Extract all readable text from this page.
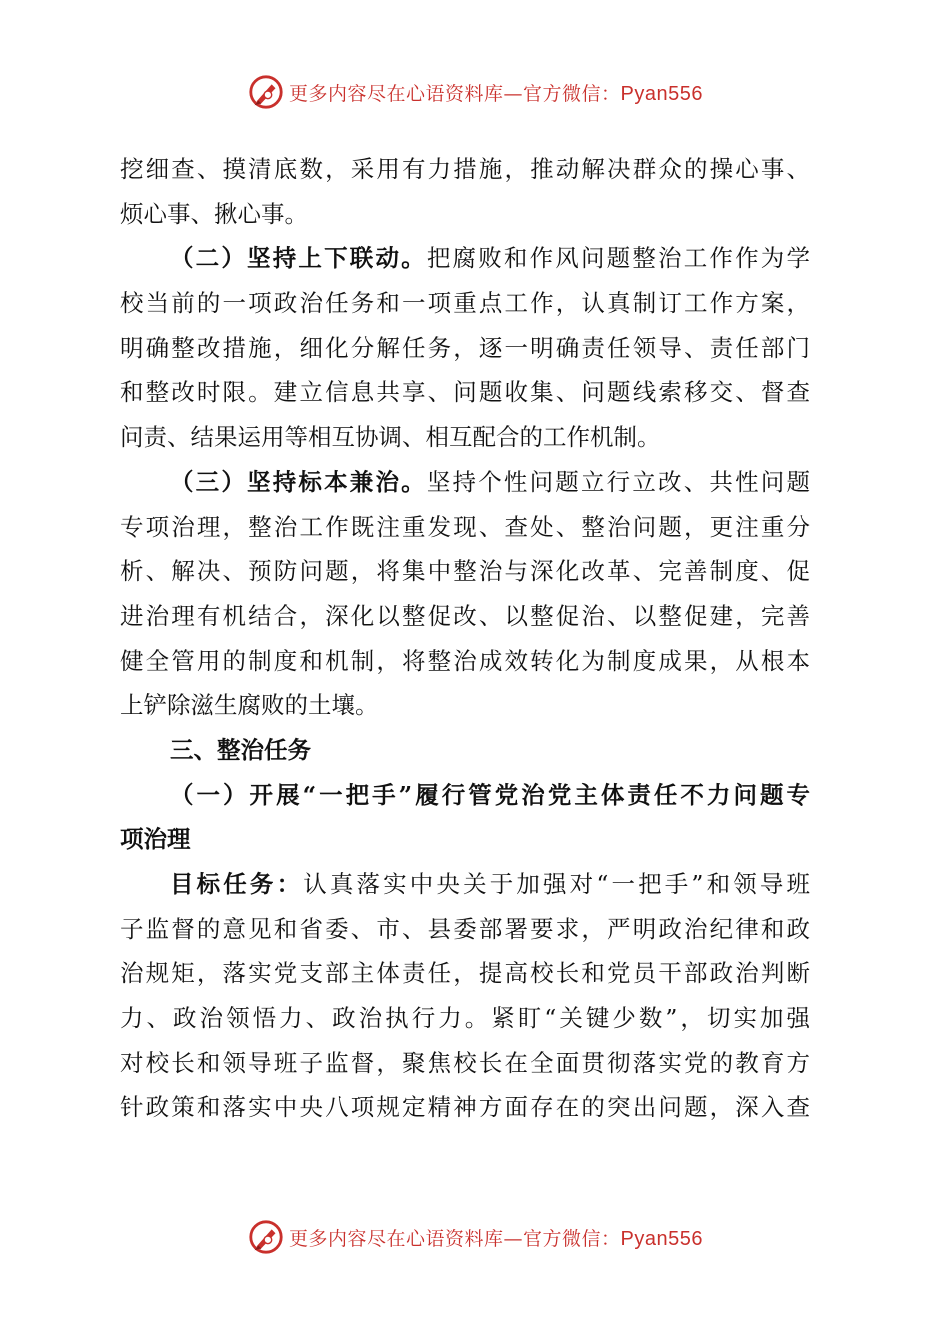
更多内容尽在心语资料库—官方微信：Pyan556
挖细查、摸清底数，采用有力措施，推动解决群众的操心事、
烦心事、揪心事。
（二）坚持上下联动。把腐败和作风问题整治工作作为学
校当前的一项政治任务和一项重点工作，认真制订工作方案，
明确整改措施，细化分解任务，逐一明确责任领导、责任部门
和整改时限。建立信息共享、问题收集、问题线索移交、督查
问责、结果运用等相互协调、相互配合的工作机制。
（三）坚持标本兼治。坚持个性问题立行立改、共性问题
专项治理，整治工作既注重发现、查处、整治问题，更注重分
析、解决、预防问题，将集中整治与深化改革、完善制度、促
进治理有机结合，深化以整促改、以整促治、以整促建，完善
健全管用的制度和机制，将整治成效转化为制度成果，从根本
上铲除滋生腐败的土壤。
三、整治任务
（一）开展“一把手”履行管党治党主体责任不力问题专
项治理
目标任务：认真落实中央关于加强对“一把手”和领导班
子监督的意见和省委、市、县委部署要求，严明政治纪律和政
治规矩，落实党支部主体责任，提高校长和党员干部政治判断
力、政治领悟力、政治执行力。紧盯“关键少数”，切实加强
对校长和领导班子监督，聚焦校长在全面贯彻落实党的教育方
针政策和落实中央八项规定精神方面存在的突出问题，深入查
更多内容尽在心语资料库—官方微信：Pyan556
